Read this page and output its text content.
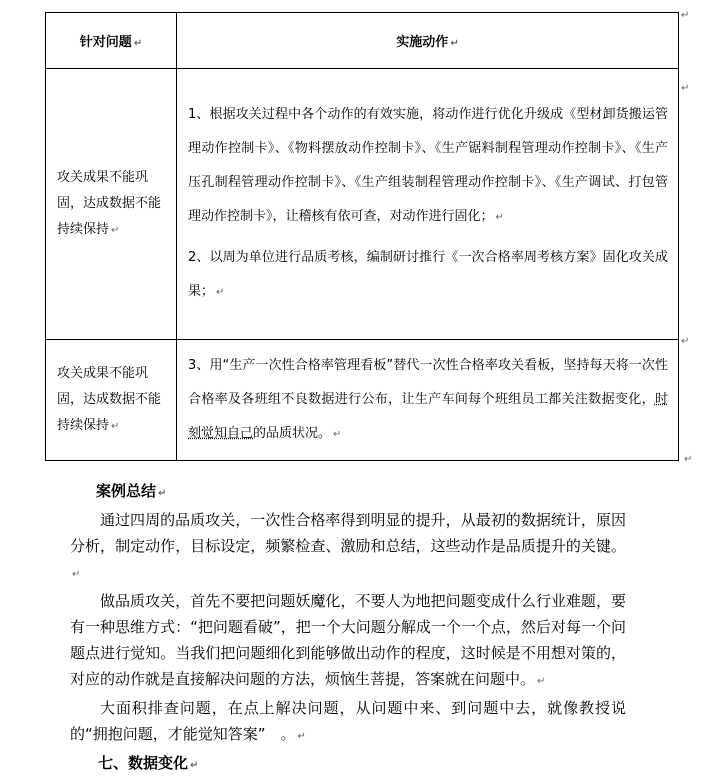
针对问题 ↵	实施动作 ↵
攻关成果不能巩固，达成数据不能持续保持 ↵	1、根据攻关过程中各个动作的有效实施，将动作进行优化升级成《型材卸货搬运管理动作控制卡》、《物料摆放动作控制卡》、《生产锯料制程管理动作控制卡》、《生产压孔制程管理动作控制卡》、《生产组装制程管理动作控制卡》、《生产调试、打包管理动作控制卡》，让稽核有依可查，对动作进行固化； ↵

2、以周为单位进行品质考核，编制研讨推行《一次合格率周考核方案》固化攻关成果； ↵

攻关成果不能巩固，达成数据不能持续保持 ↵	3、用“生产一次性合格率管理看板”替代一次性合格率攻关看板，坚持每天将一次性合格率及各班组不良数据进行公布，让生产车间每个班组员工都关注数据变化，时刻觉知自己的品质状况。 ↵

↵
↵
↵
↵

案例总结 ↵

通过四周的品质攻关，一次性合格率得到明显的提升，从最初的数据统计，原因分析，制定动作，目标设定，频繁检查、激励和总结，这些动作是品质提升的关键。↵

做品质攻关，首先不要把问题妖魔化，不要人为地把问题变成什么行业难题，要有一种思维方式：“把问题看破”，把一个大问题分解成一个一个点，然后对每一个问题点进行觉知。当我们把问题细化到能够做出动作的程度，这时候是不用想对策的，对应的动作就是直接解决问题的方法，烦恼生菩提，答案就在问题中。 ↵

大面积排查问题，在点上解决问题，从问题中来、到问题中去，就像教授说的“拥抱问题，才能觉知答案”　。 ↵

七、数据变化 ↵
